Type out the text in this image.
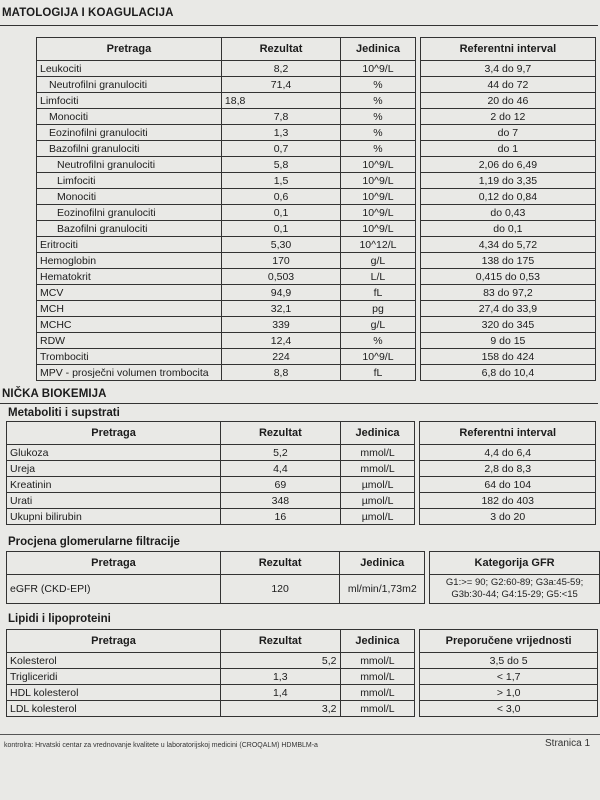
MATOLOGIJA I KOAGULACIJA
Pretraga	Rezultat	Jedinica		Referentni interval
Leukociti	8,2	10^9/L		3,4 do 9,7
Neutrofilni granulociti	71,4	%		44 do 72
Limfociti	18,8	%		20 do 46
Monociti	7,8	%		2 do 12
Eozinofilni granulociti	1,3	%		do 7
Bazofilni granulociti	0,7	%		do 1
Neutrofilni granulociti	5,8	10^9/L		2,06 do 6,49
Limfociti	1,5	10^9/L		1,19 do 3,35
Monociti	0,6	10^9/L		0,12 do 0,84
Eozinofilni granulociti	0,1	10^9/L		do 0,43
Bazofilni granulociti	0,1	10^9/L		do 0,1
Eritrociti	5,30	10^12/L		4,34 do 5,72
Hemoglobin	170	g/L		138 do 175
Hematokrit	0,503	L/L		0,415 do 0,53
MCV	94,9	fL		83 do 97,2
MCH	32,1	pg		27,4 do 33,9
MCHC	339	g/L		320 do 345
RDW	12,4	%		9 do 15
Trombociti	224	10^9/L		158 do 424
MPV - prosječni volumen trombocita	8,8	fL		6,8 do 10,4
NIČKA BIOKEMIJA
Metaboliti i supstrati
Pretraga	Rezultat	Jedinica		Referentni interval
Glukoza	5,2	mmol/L		4,4 do 6,4
Ureja	4,4	mmol/L		2,8 do 8,3
Kreatinin	69	µmol/L		64 do 104
Urati	348	µmol/L		182 do 403
Ukupni bilirubin	16	µmol/L		3 do 20
Procjena glomerularne filtracije
Pretraga	Rezultat	Jedinica		Kategorija GFR
eGFR (CKD-EPI)	120	ml/min/1,73m2		G1:>= 90; G2:60-89; G3a:45-59;
G3b:30-44; G4:15-29; G5:<15
Lipidi i lipoproteini
Pretraga	Rezultat	Jedinica		Preporučene vrijednosti
Kolesterol	5,2	mmol/L		3,5 do 5
Trigliceridi	1,3	mmol/L		< 1,7
HDL kolesterol	1,4	mmol/L		> 1,0
LDL kolesterol	3,2	mmol/L		< 3,0
kontrolra: Hrvatski centar za vrednovanje kvalitete u laboratorijskoj medicini (CROQALM) HDMBLM-a	Stranica 1
